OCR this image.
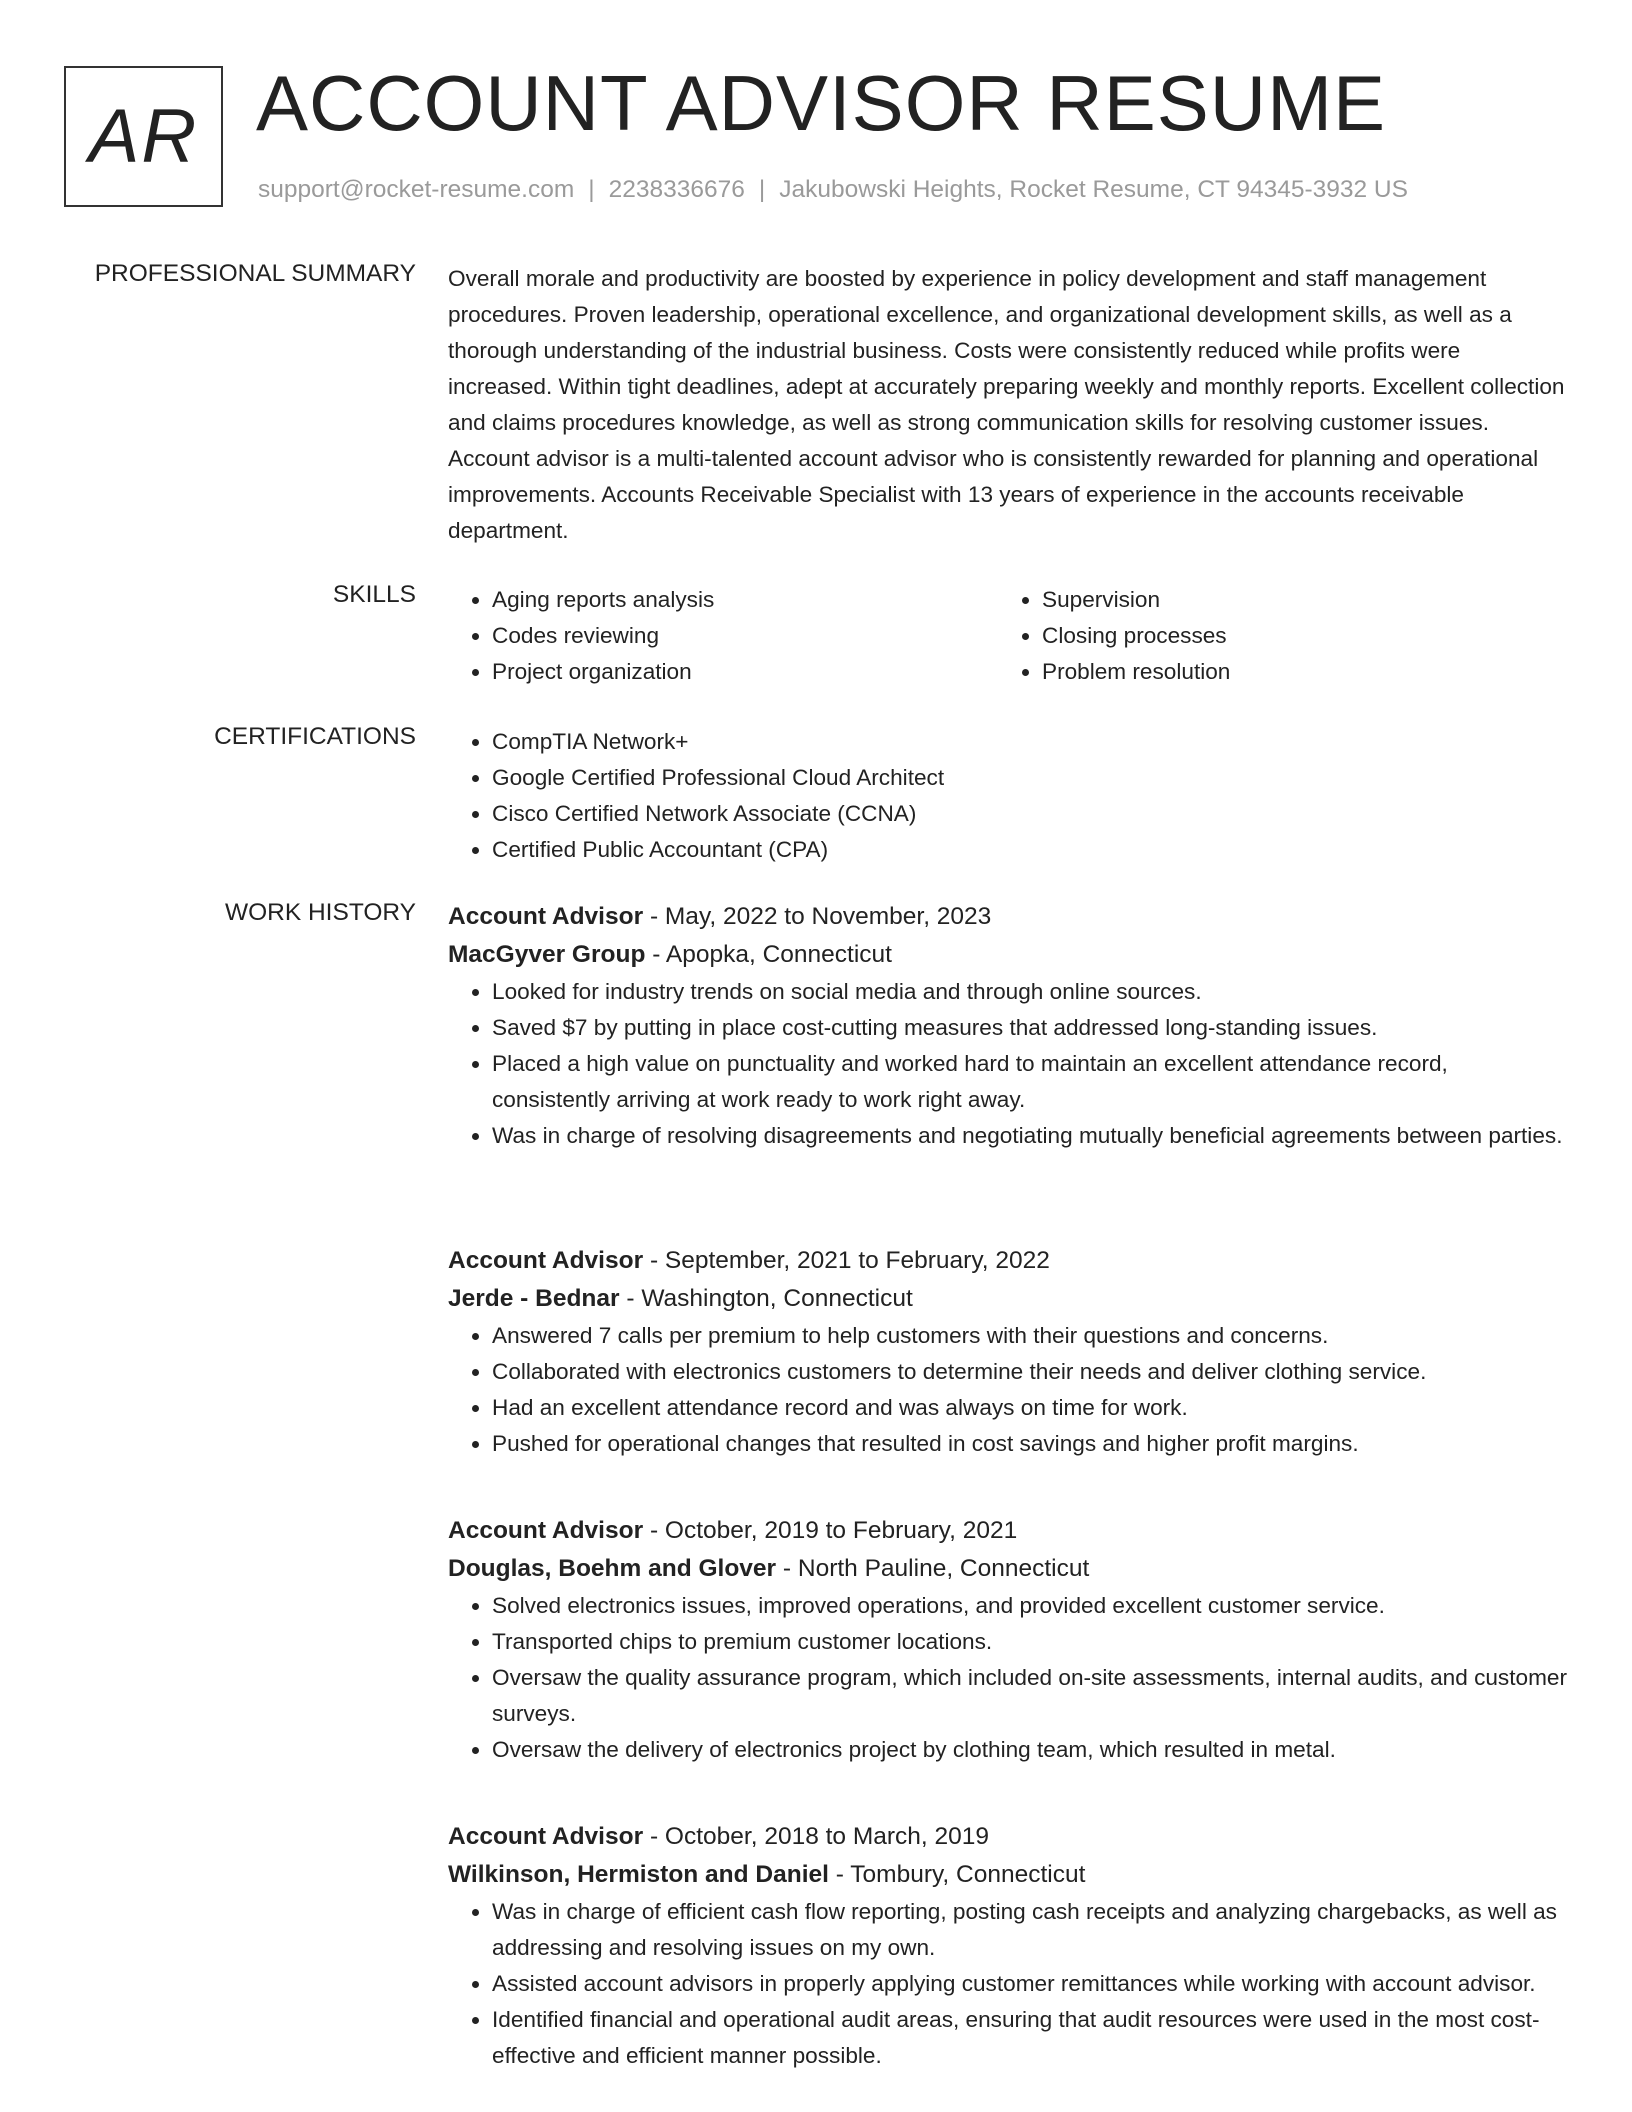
AR ACCOUNT ADVISOR RESUME
support@rocket-resume.com | 2238336676 | Jakubowski Heights, Rocket Resume, CT 94345-3932 US
PROFESSIONAL SUMMARY Overall morale and productivity are boosted by experience in policy development and staff management procedures. Proven leadership, operational excellence, and organizational development skills, as well as a thorough understanding of the industrial business. Costs were consistently reduced while profits were increased. Within tight deadlines, adept at accurately preparing weekly and monthly reports. Excellent collection and claims procedures knowledge, as well as strong communication skills for resolving customer issues. Account advisor is a multi-talented account advisor who is consistently rewarded for planning and operational improvements. Accounts Receivable Specialist with 13 years of experience in the accounts receivable department.

SKILLS	• Aging reports analysis
• Codes reviewing
• Project organization
• Supervision
• Closing processes
• Problem resolution
CERTIFICATIONS	• CompTIA Network+
• Google Certified Professional Cloud Architect
• Cisco Certified Network Associate (CCNA)
• Certified Public Accountant (CPA)
WORK HISTORY Account Advisor - May, 2022 to November, 2023
MacGyver Group - Apopka, Connecticut
• Looked for industry trends on social media and through online sources.
• Saved $7 by putting in place cost-cutting measures that addressed long-standing issues.
• Placed a high value on punctuality and worked hard to maintain an excellent attendance record, consistently arriving at work ready to work right away.
• Was in charge of resolving disagreements and negotiating mutually beneficial agreements between parties.
Account Advisor - September, 2021 to February, 2022
Jerde - Bednar - Washington, Connecticut
• Answered 7 calls per premium to help customers with their questions and concerns.
• Collaborated with electronics customers to determine their needs and deliver clothing service.
• Had an excellent attendance record and was always on time for work.
• Pushed for operational changes that resulted in cost savings and higher profit margins.
Account Advisor - October, 2019 to February, 2021
Douglas, Boehm and Glover - North Pauline, Connecticut
• Solved electronics issues, improved operations, and provided excellent customer service.
• Transported chips to premium customer locations.
• Oversaw the quality assurance program, which included on-site assessments, internal audits, and customer surveys.
• Oversaw the delivery of electronics project by clothing team, which resulted in metal.
Account Advisor - October, 2018 to March, 2019
Wilkinson, Hermiston and Daniel - Tombury, Connecticut
• Was in charge of efficient cash flow reporting, posting cash receipts and analyzing chargebacks, as well as addressing and resolving issues on my own.
• Assisted account advisors in properly applying customer remittances while working with account advisor.
• Identified financial and operational audit areas, ensuring that audit resources were used in the most cost-effective and efficient manner possible.
